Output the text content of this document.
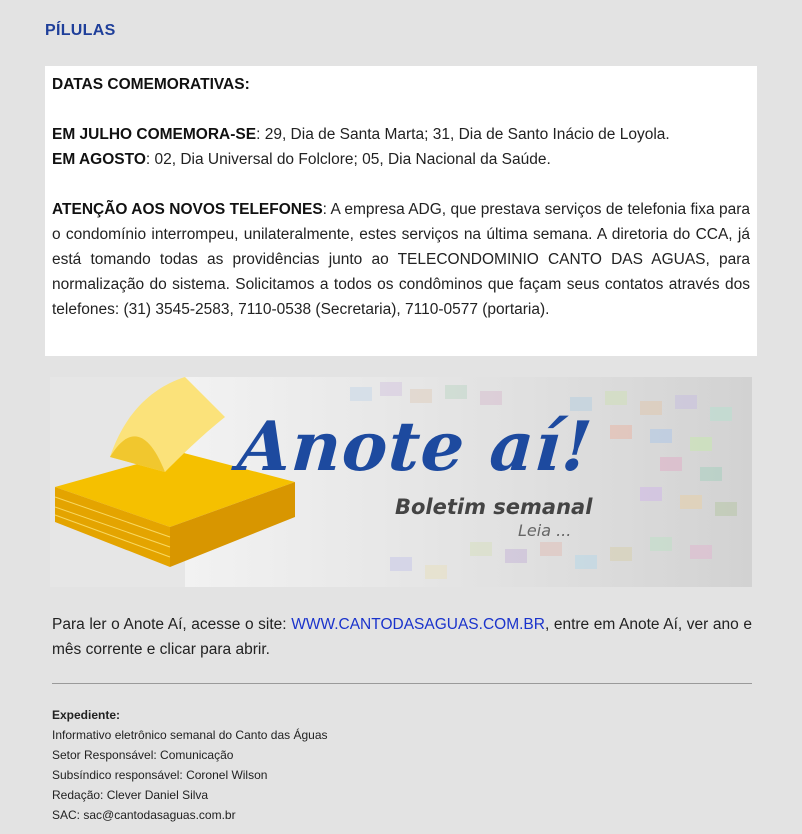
PÍLULAS

DATAS COMEMORATIVAS:

EM JULHO COMEMORA-SE: 29, Dia de Santa Marta; 31, Dia de Santo Inácio de Loyola.

EM AGOSTO: 02, Dia Universal do Folclore; 05, Dia Nacional da Saúde.

ATENÇÃO AOS NOVOS TELEFONES: A empresa ADG, que prestava serviços de telefonia fixa para o condomínio interrompeu, unilateralmente, estes serviços na última semana. A diretoria do CCA, já está tomando todas as providências junto ao TELECONDOMINIO CANTO DAS AGUAS, para normalização do sistema. Solicitamos a todos os condôminos que façam seus contatos através dos telefones: (31) 3545-2583, 7110-0538 (Secretaria), 7110-0577 (portaria).

Anote aí!
Boletim semanal
Leia ...

Para ler o Anote Aí, acesse o site: WWW.CANTODASAGUAS.COM.BR, entre em Anote Aí, ver ano e mês corrente e clicar para abrir.

Expediente:
Informativo eletrônico semanal do Canto das Águas
Setor Responsável: Comunicação
Subsíndico responsável: Coronel Wilson
Redação: Clever Daniel Silva
SAC: sac@cantodasaguas.com.br
